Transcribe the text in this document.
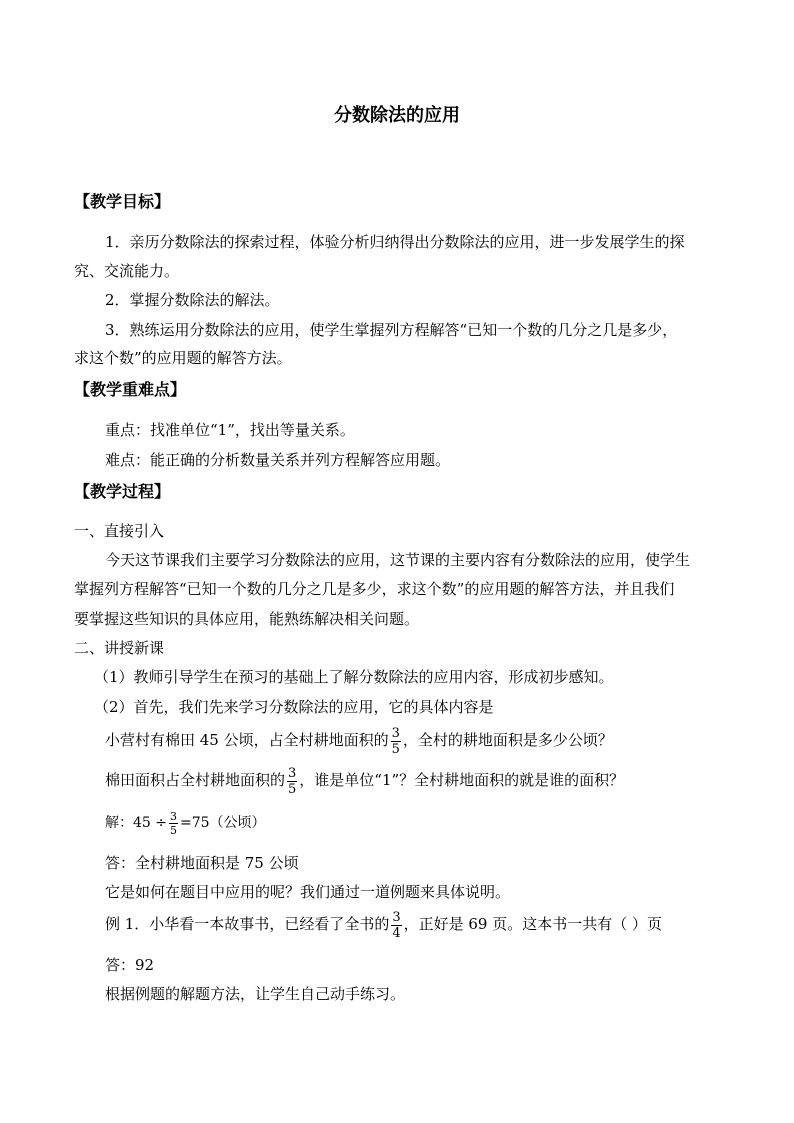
分数除法的应用
【教学目标】
1．亲历分数除法的探索过程，体验分析归纳得出分数除法的应用，进一步发展学生的探
究、交流能力。
2．掌握分数除法的解法。
3．熟练运用分数除法的应用，使学生掌握列方程解答“已知一个数的几分之几是多少，
求这个数”的应用题的解答方法。
【教学重难点】
重点：找准单位“1”，找出等量关系。
难点：能正确的分析数量关系并列方程解答应用题。
【教学过程】
一、直接引入
今天这节课我们主要学习分数除法的应用，这节课的主要内容有分数除法的应用，使学生
掌握列方程解答“已知一个数的几分之几是多少，求这个数”的应用题的解答方法，并且我们
要掌握这些知识的具体应用，能熟练解决相关问题。
二、讲授新课
（1）教师引导学生在预习的基础上了解分数除法的应用内容，形成初步感知。
（2）首先，我们先来学习分数除法的应用，它的具体内容是
小营村有棉田 45 公顷，占全村耕地面积的 $\frac{3}{5}$ ，全村的耕地面积是多少公顷？
棉田面积占全村耕地面积的 $\frac{3}{5}$ ，谁是单位“1”？全村耕地面积的就是谁的面积？
解：$45 \div \frac{3}{5} =75$（公顷）
答：全村耕地面积是 75 公顷
它是如何在题目中应用的呢？我们通过一道例题来具体说明。
例 1．小华看一本故事书，已经看了全书的 $\frac{3}{4}$ ，正好是 69 页。这本书一共有（ ）页
答：92
根据例题的解题方法，让学生自己动手练习。
